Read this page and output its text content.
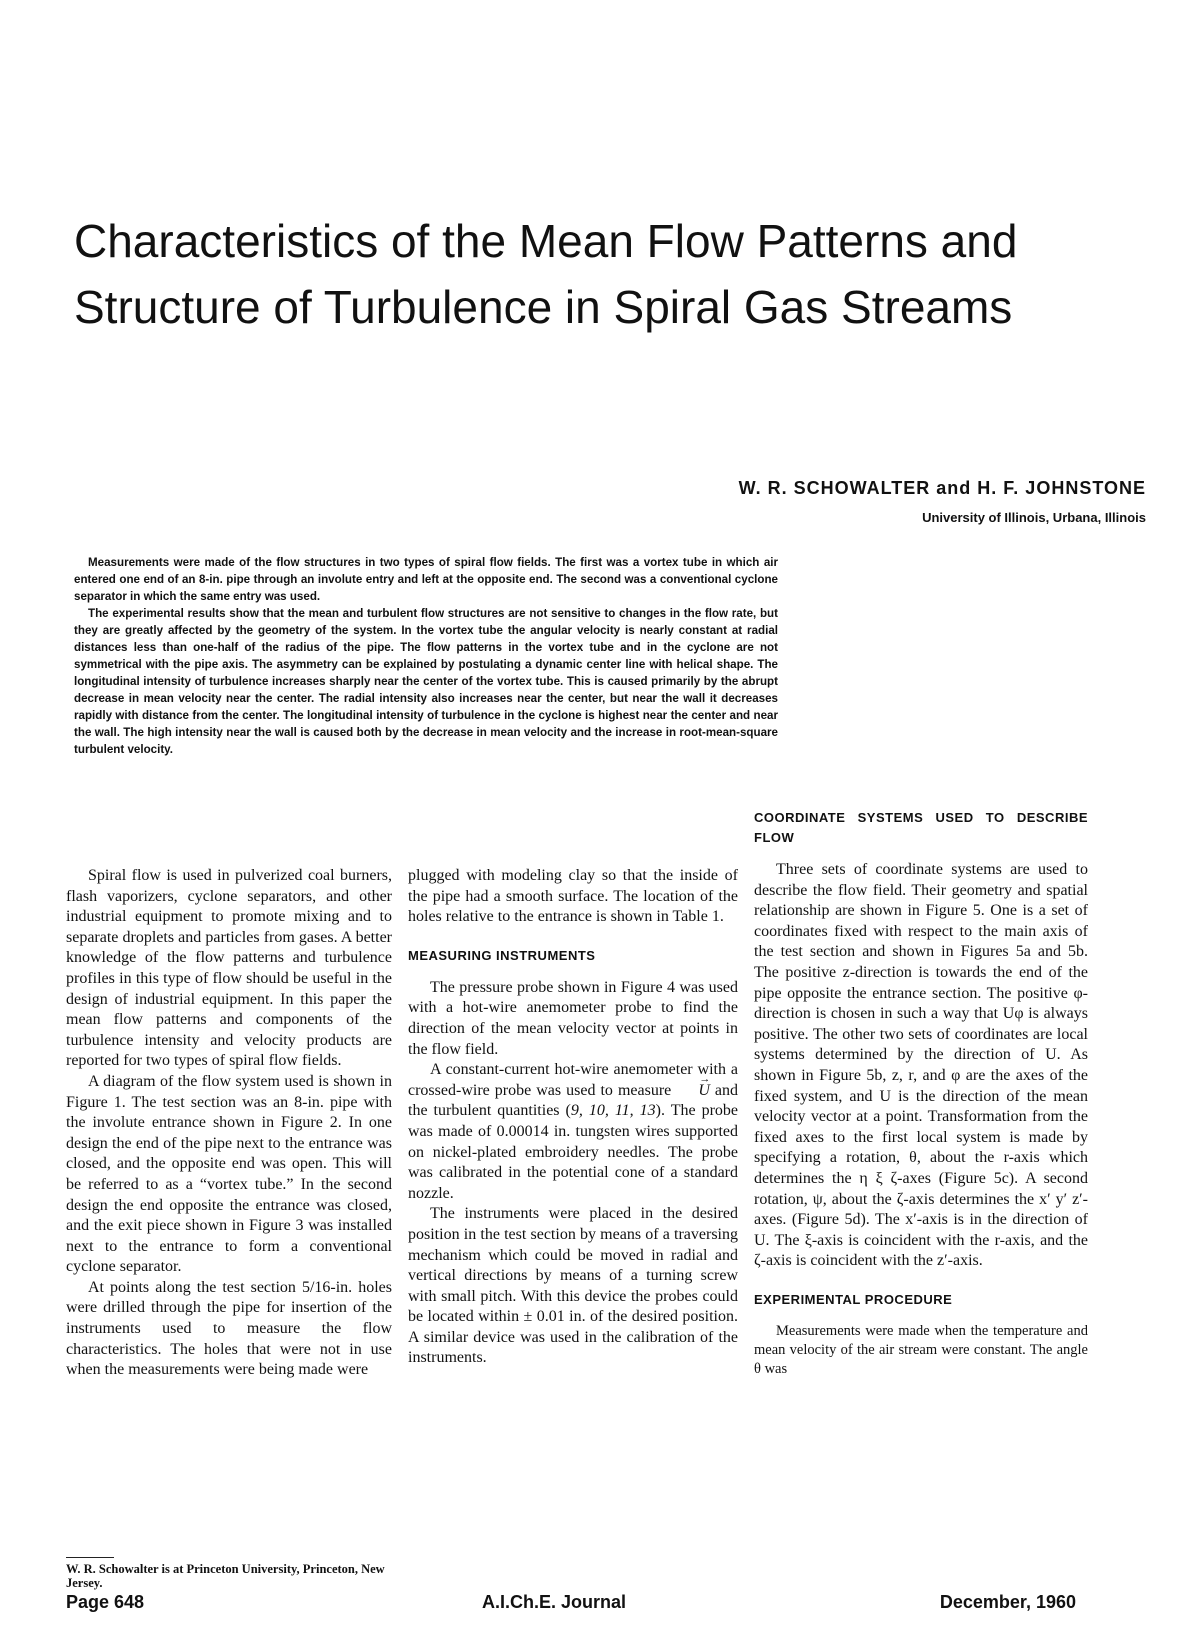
Characteristics of the Mean Flow Patterns and Structure of Turbulence in Spiral Gas Streams
W. R. SCHOWALTER and H. F. JOHNSTONE
University of Illinois, Urbana, Illinois

Measurements were made of the flow structures in two types of spiral flow fields. The first was a vortex tube in which air entered one end of an 8-in. pipe through an involute entry and left at the opposite end. The second was a conventional cyclone separator in which the same entry was used.

The experimental results show that the mean and turbulent flow structures are not sensitive to changes in the flow rate, but they are greatly affected by the geometry of the system. In the vortex tube the angular velocity is nearly constant at radial distances less than one-half of the radius of the pipe. The flow patterns in the vortex tube and in the cyclone are not symmetrical with the pipe axis. The asymmetry can be explained by postulating a dynamic center line with helical shape. The longitudinal intensity of turbulence increases sharply near the center of the vortex tube. This is caused primarily by the abrupt decrease in mean velocity near the center. The radial intensity also increases near the center, but near the wall it decreases rapidly with distance from the center. The longitudinal intensity of turbulence in the cyclone is highest near the center and near the wall. The high intensity near the wall is caused both by the decrease in mean velocity and the increase in root-mean-square turbulent velocity.

Spiral flow is used in pulverized coal burners, flash vaporizers, cyclone separators, and other industrial equipment to promote mixing and to separate droplets and particles from gases. A better knowledge of the flow patterns and turbulence profiles in this type of flow should be useful in the design of industrial equipment. In this paper the mean flow patterns and components of the turbulence intensity and velocity products are reported for two types of spiral flow fields.

A diagram of the flow system used is shown in Figure 1. The test section was an 8-in. pipe with the involute entrance shown in Figure 2. In one design the end of the pipe next to the entrance was closed, and the opposite end was open. This will be referred to as a “vortex tube.” In the second design the end opposite the entrance was closed, and the exit piece shown in Figure 3 was installed next to the entrance to form a conventional cyclone separator.

At points along the test section 5/16-in. holes were drilled through the pipe for insertion of the instruments used to measure the flow characteristics. The holes that were not in use when the measurements were being made were

plugged with modeling clay so that the inside of the pipe had a smooth surface. The location of the holes relative to the entrance is shown in Table 1.

MEASURING INSTRUMENTS

The pressure probe shown in Figure 4 was used with a hot-wire anemometer probe to find the direction of the mean velocity vector at points in the flow field.

A constant-current hot-wire anemometer with a crossed-wire probe was used to measure → U and the turbulent quantities (9, 10, 11, 13). The probe was made of 0.00014 in. tungsten wires supported on nickel-plated embroidery needles. The probe was calibrated in the potential cone of a standard nozzle.

The instruments were placed in the desired position in the test section by means of a traversing mechanism which could be moved in radial and vertical directions by means of a turning screw with small pitch. With this device the probes could be located within ± 0.01 in. of the desired position. A similar device was used in the calibration of the instruments.

COORDINATE SYSTEMS USED TO DESCRIBE FLOW

Three sets of coordinate systems are used to describe the flow field. Their geometry and spatial relationship are shown in Figure 5. One is a set of coordinates fixed with respect to the main axis of the test section and shown in Figures 5a and 5b. The positive z-direction is towards the end of the pipe opposite the entrance section. The positive φ-direction is chosen in such a way that Uφ is always positive. The other two sets of coordinates are local systems determined by the direction of U. As shown in Figure 5b, z, r, and φ are the axes of the fixed system, and U is the direction of the mean velocity vector at a point. Transformation from the fixed axes to the first local system is made by specifying a rotation, θ, about the r-axis which determines the η ξ ζ-axes (Figure 5c). A second rotation, ψ, about the ζ-axis determines the x′ y′ z′-axes. (Figure 5d). The x′-axis is in the direction of U. The ξ-axis is coincident with the r-axis, and the ζ-axis is coincident with the z′-axis.

EXPERIMENTAL PROCEDURE

Measurements were made when the temperature and mean velocity of the air stream were constant. The angle θ was

W. R. Schowalter is at Princeton University, Princeton, New Jersey.
Page 648	A.I.Ch.E. Journal	December, 1960
